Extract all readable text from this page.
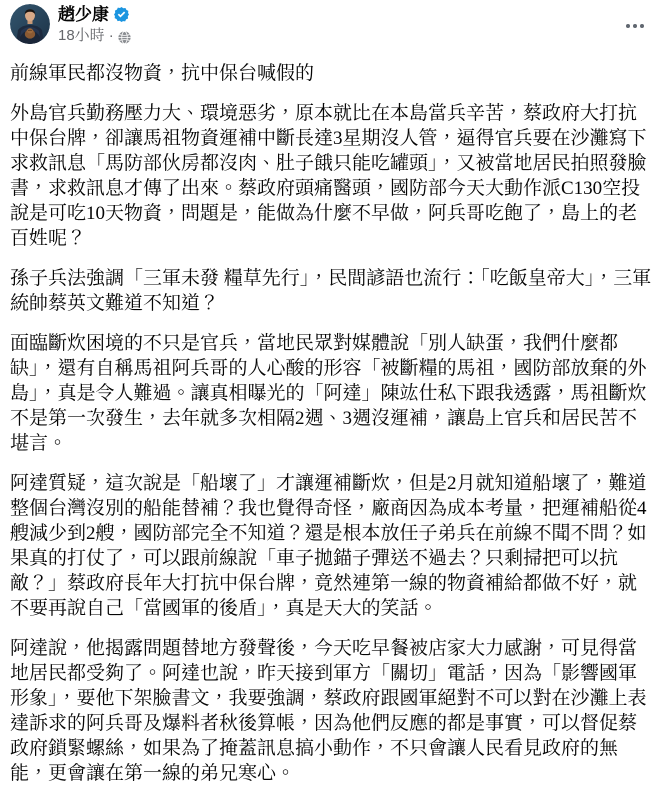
趙少康
18小時 ·

前線軍民都沒物資，抗中保台喊假的

外島官兵勤務壓力大、環境惡劣，原本就比在本島當兵辛苦，蔡政府大打抗中保台牌，卻讓馬祖物資運補中斷長達3星期沒人管，逼得官兵要在沙灘寫下求救訊息「馬防部伙房都沒肉、肚子餓只能吃罐頭」，又被當地居民拍照發臉書，求救訊息才傳了出來。蔡政府頭痛醫頭，國防部今天大動作派C130空投說是可吃10天物資，問題是，能做為什麼不早做，阿兵哥吃飽了，島上的老百姓呢？

孫子兵法強調「三軍未發 糧草先行」，民間諺語也流行：「吃飯皇帝大」，三軍統帥蔡英文難道不知道？

面臨斷炊困境的不只是官兵，當地民眾對媒體說「別人缺蛋，我們什麼都缺」，還有自稱馬祖阿兵哥的人心酸的形容「被斷糧的馬祖，國防部放棄的外島」，真是令人難過。讓真相曝光的「阿達」陳竑仕私下跟我透露，馬祖斷炊不是第一次發生，去年就多次相隔2週、3週沒運補，讓島上官兵和居民苦不堪言。

阿達質疑，這次說是「船壞了」才讓運補斷炊，但是2月就知道船壞了，難道整個台灣沒別的船能替補？我也覺得奇怪，廠商因為成本考量，把運補船從4艘減少到2艘，國防部完全不知道？還是根本放任子弟兵在前線不聞不問？如果真的打仗了，可以跟前線說「車子拋錨子彈送不過去？只剩掃把可以抗敵？」蔡政府長年大打抗中保台牌，竟然連第一線的物資補給都做不好，就不要再說自己「當國軍的後盾」，真是天大的笑話。

阿達說，他揭露問題替地方發聲後，今天吃早餐被店家大力感謝，可見得當地居民都受夠了。阿達也說，昨天接到軍方「關切」電話，因為「影響國軍形象」，要他下架臉書文，我要強調，蔡政府跟國軍絕對不可以對在沙灘上表達訴求的阿兵哥及爆料者秋後算帳，因為他們反應的都是事實，可以督促蔡政府鎖緊螺絲，如果為了掩蓋訊息搞小動作，不只會讓人民看見政府的無能，更會讓在第一線的弟兄寒心。
